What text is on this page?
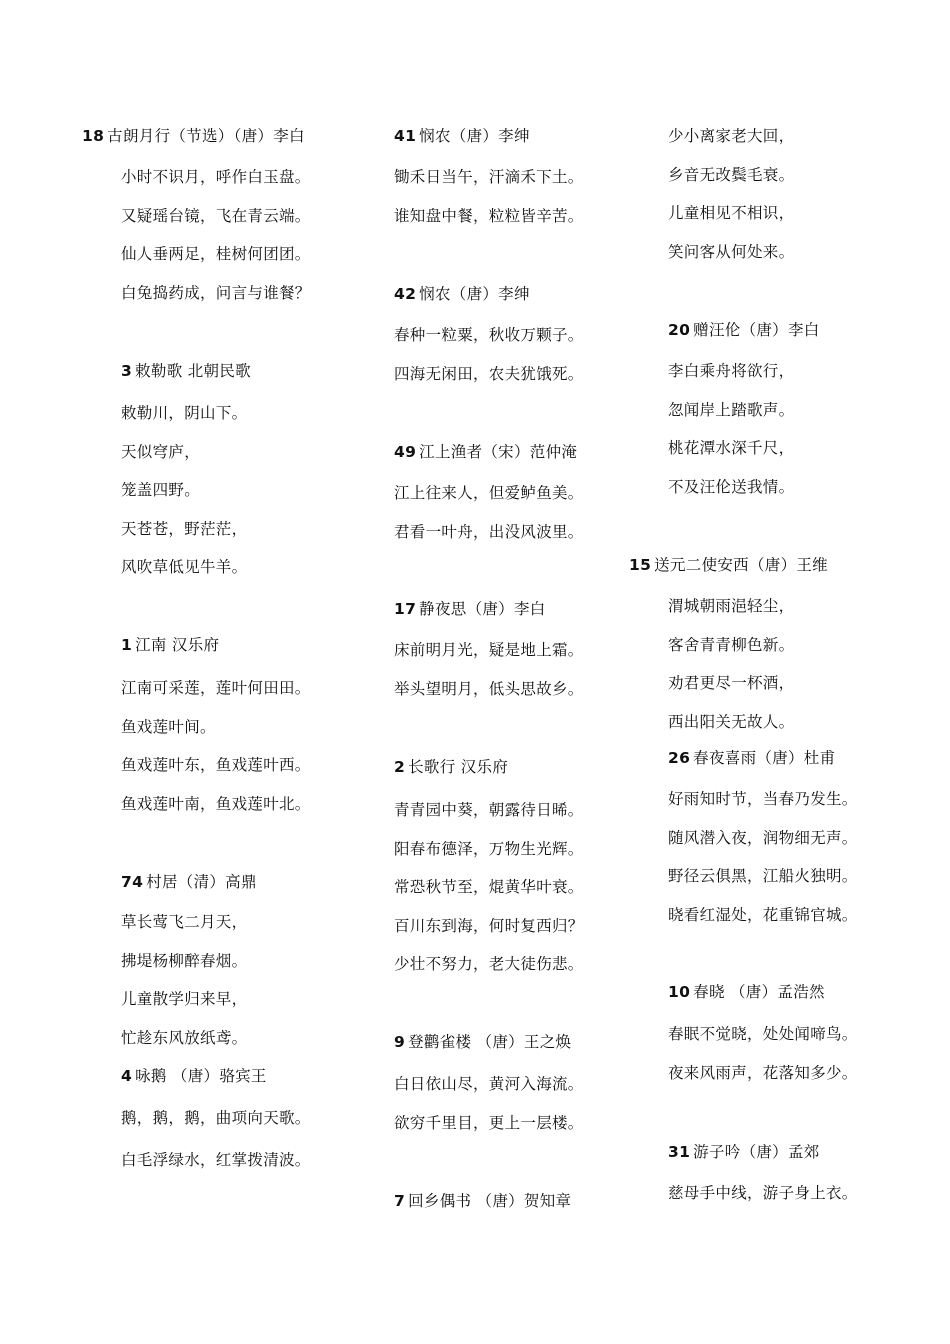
18 古朗月行（节选）（唐）李白
小时不识月，呼作白玉盘。
又疑瑶台镜，飞在青云端。
仙人垂两足，桂树何团团。
白兔捣药成，问言与谁餐？
3 敕勒歌 北朝民歌
敕勒川，阴山下。
天似穹庐，
笼盖四野。
天苍苍，野茫茫，
风吹草低见牛羊。
1 江南 汉乐府
江南可采莲，莲叶何田田。
鱼戏莲叶间。
鱼戏莲叶东，鱼戏莲叶西。
鱼戏莲叶南，鱼戏莲叶北。
74 村居（清）高鼎
草长莺飞二月天，
拂堤杨柳醉春烟。
儿童散学归来早，
忙趁东风放纸鸢。
4 咏鹅 （唐）骆宾王
鹅，鹅，鹅，曲项向天歌。
白毛浮绿水，红掌拨清波。
41 悯农（唐）李绅
锄禾日当午，汗滴禾下土。
谁知盘中餐，粒粒皆辛苦。
42 悯农（唐）李绅
春种一粒粟，秋收万颗子。
四海无闲田，农夫犹饿死。
49 江上渔者（宋）范仲淹
江上往来人，但爱鲈鱼美。
君看一叶舟，出没风波里。
17 静夜思（唐）李白
床前明月光，疑是地上霜。
举头望明月，低头思故乡。
2 长歌行 汉乐府
青青园中葵，朝露待日晞。
阳春布德泽，万物生光辉。
常恐秋节至，焜黄华叶衰。
百川东到海，何时复西归？
少壮不努力，老大徒伤悲。
9 登鹳雀楼 （唐）王之焕
白日依山尽，黄河入海流。
欲穷千里目，更上一层楼。
7 回乡偶书 （唐）贺知章
少小离家老大回，
乡音无改鬓毛衰。
儿童相见不相识，
笑问客从何处来。
20 赠汪伦（唐）李白
李白乘舟将欲行，
忽闻岸上踏歌声。
桃花潭水深千尺，
不及汪伦送我情。
15 送元二使安西（唐）王维
渭城朝雨浥轻尘，
客舍青青柳色新。
劝君更尽一杯酒，
西出阳关无故人。
26 春夜喜雨（唐）杜甫
好雨知时节，当春乃发生。
随风潜入夜，润物细无声。
野径云俱黑，江船火独明。
晓看红湿处，花重锦官城。
10 春晓 （唐）孟浩然
春眠不觉晓，处处闻啼鸟。
夜来风雨声，花落知多少。
31 游子吟（唐）孟郊
慈母手中线，游子身上衣。
